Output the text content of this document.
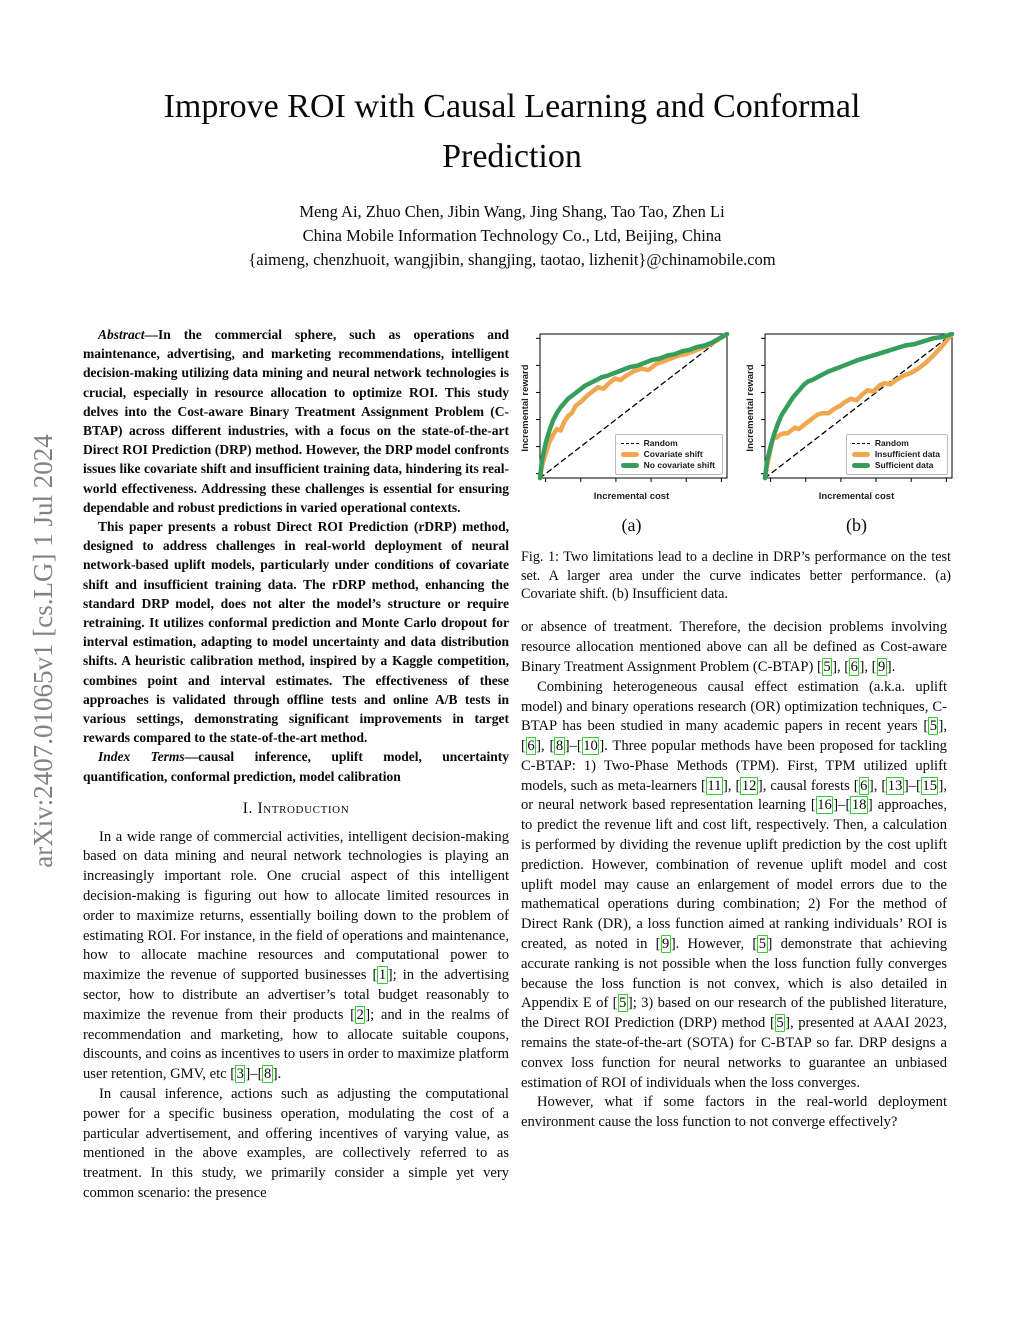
arXiv:2407.01065v1 [cs.LG] 1 Jul 2024
Improve ROI with Causal Learning and Conformal
Prediction
Meng Ai, Zhuo Chen, Jibin Wang, Jing Shang, Tao Tao, Zhen Li
China Mobile Information Technology Co., Ltd, Beijing, China
{aimeng, chenzhuoit, wangjibin, shangjing, taotao, lizhenit}@chinamobile.com

Abstract—In the commercial sphere, such as operations and maintenance, advertising, and marketing recommendations, intelligent decision-making utilizing data mining and neural network technologies is crucial, especially in resource allocation to optimize ROI. This study delves into the Cost-aware Binary Treatment Assignment Problem (C-BTAP) across different industries, with a focus on the state-of-the-art Direct ROI Prediction (DRP) method. However, the DRP model confronts issues like covariate shift and insufficient training data, hindering its real-world effectiveness. Addressing these challenges is essential for ensuring dependable and robust predictions in varied operational contexts.

This paper presents a robust Direct ROI Prediction (rDRP) method, designed to address challenges in real-world deployment of neural network-based uplift models, particularly under conditions of covariate shift and insufficient training data. The rDRP method, enhancing the standard DRP model, does not alter the model’s structure or require retraining. It utilizes conformal prediction and Monte Carlo dropout for interval estimation, adapting to model uncertainty and data distribution shifts. A heuristic calibration method, inspired by a Kaggle competition, combines point and interval estimates. The effectiveness of these approaches is validated through offline tests and online A/B tests in various settings, demonstrating significant improvements in target rewards compared to the state-of-the-art method.

Index Terms—causal inference, uplift model, uncertainty quantification, conformal prediction, model calibration

I. Introduction

In a wide range of commercial activities, intelligent decision-making based on data mining and neural network technologies is playing an increasingly important role. One crucial aspect of this intelligent decision-making is figuring out how to allocate limited resources in order to maximize returns, essentially boiling down to the problem of estimating ROI. For instance, in the field of operations and maintenance, how to allocate machine resources and computational power to maximize the revenue of supported businesses [ 1 ]; in the advertising sector, how to distribute an advertiser’s total budget reasonably to maximize the revenue from their products [ 2 ]; and in the realms of recommendation and marketing, how to allocate suitable coupons, discounts, and coins as incentives to users in order to maximize platform user retention, GMV, etc [ 3 ]–[ 8 ].

In causal inference, actions such as adjusting the computational power for a specific business operation, modulating the cost of a particular advertisement, and offering incentives of varying value, as mentioned in the above examples, are collectively referred to as treatment. In this study, we primarily consider a simple yet very common scenario: the presence

Incremental reward	Random
Covariate shift
No covariate shift
Incremental cost
(a)
Incremental reward	Random
Insufficient data
Sufficient data
Incremental cost
(b)
Fig. 1: Two limitations lead to a decline in DRP’s performance on the test set. A larger area under the curve indicates better performance. (a) Covariate shift. (b) Insufficient data.

or absence of treatment. Therefore, the decision problems involving resource allocation mentioned above can all be defined as Cost-aware Binary Treatment Assignment Problem (C-BTAP) [ 5 ], [ 6 ], [ 9 ].

Combining heterogeneous causal effect estimation (a.k.a. uplift model) and binary operations research (OR) optimization techniques, C-BTAP has been studied in many academic papers in recent years [ 5 ], [ 6 ], [ 8 ]–[ 10 ]. Three popular methods have been proposed for tackling C-BTAP: 1) Two-Phase Methods (TPM). First, TPM utilized uplift models, such as meta-learners [ 11 ], [ 12 ], causal forests [ 6 ], [ 13 ]–[ 15 ], or neural network based representation learning [ 16 ]–[ 18 ] approaches, to predict the revenue lift and cost lift, respectively. Then, a calculation is performed by dividing the revenue uplift prediction by the cost uplift prediction. However, combination of revenue uplift model and cost uplift model may cause an enlargement of model errors due to the mathematical operations during combination; 2) For the method of Direct Rank (DR), a loss function aimed at ranking individuals’ ROI is created, as noted in [ 9 ]. However, [ 5 ] demonstrate that achieving accurate ranking is not possible when the loss function fully converges because the loss function is not convex, which is also detailed in Appendix E of [ 5 ]; 3) based on our research of the published literature, the Direct ROI Prediction (DRP) method [ 5 ], presented at AAAI 2023, remains the state-of-the-art (SOTA) for C-BTAP so far. DRP designs a convex loss function for neural networks to guarantee an unbiased estimation of ROI of individuals when the loss converges.

However, what if some factors in the real-world deployment environment cause the loss function to not converge effectively?
